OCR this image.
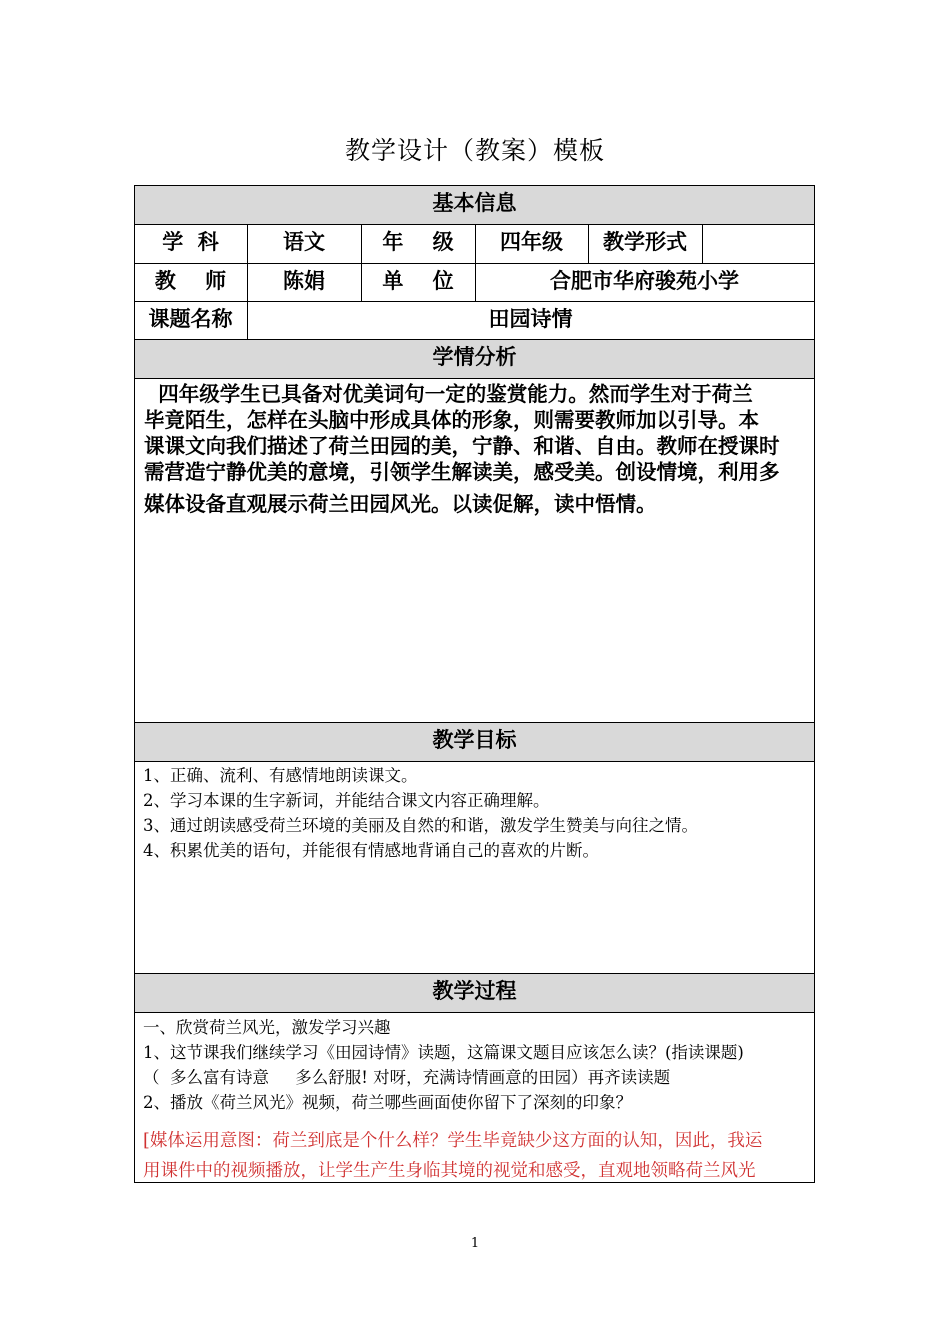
教学设计（教案）模板
基本信息
学情分析
教学目标
教学过程
学  科	语文	年    级	四年级	教学形式
教    师	陈娟	单    位	合肥市华府骏苑小学
课题名称	田园诗情

四年级学生已具备对优美词句一定的鉴赏能力。然而学生对于荷兰

毕竟陌生，怎样在头脑中形成具体的形象，则需要教师加以引导。本

课课文向我们描述了荷兰田园的美，宁静、和谐、自由。教师在授课时

需营造宁静优美的意境，引领学生解读美，感受美。创设情境，利用多

媒体设备直观展示荷兰田园风光。以读促解，读中悟情。

1、正确、流利、有感情地朗读课文。

2、学习本课的生字新词，并能结合课文内容正确理解。

3、通过朗读感受荷兰环境的美丽及自然的和谐，激发学生赞美与向往之情。

4、积累优美的语句，并能很有情感地背诵自己的喜欢的片断。

一、欣赏荷兰风光，激发学习兴趣

1、这节课我们继续学习《田园诗情》读题，这篇课文题目应该怎么读？(指读课题)

（  多么富有诗意     多么舒服! 对呀，充满诗情画意的田园）再齐读读题

2、播放《荷兰风光》视频，荷兰哪些画面使你留下了深刻的印象？

[媒体运用意图：荷兰到底是个什么样？学生毕竟缺少这方面的认知，因此，我运

用课件中的视频播放，让学生产生身临其境的视觉和感受，直观地领略荷兰风光

1
